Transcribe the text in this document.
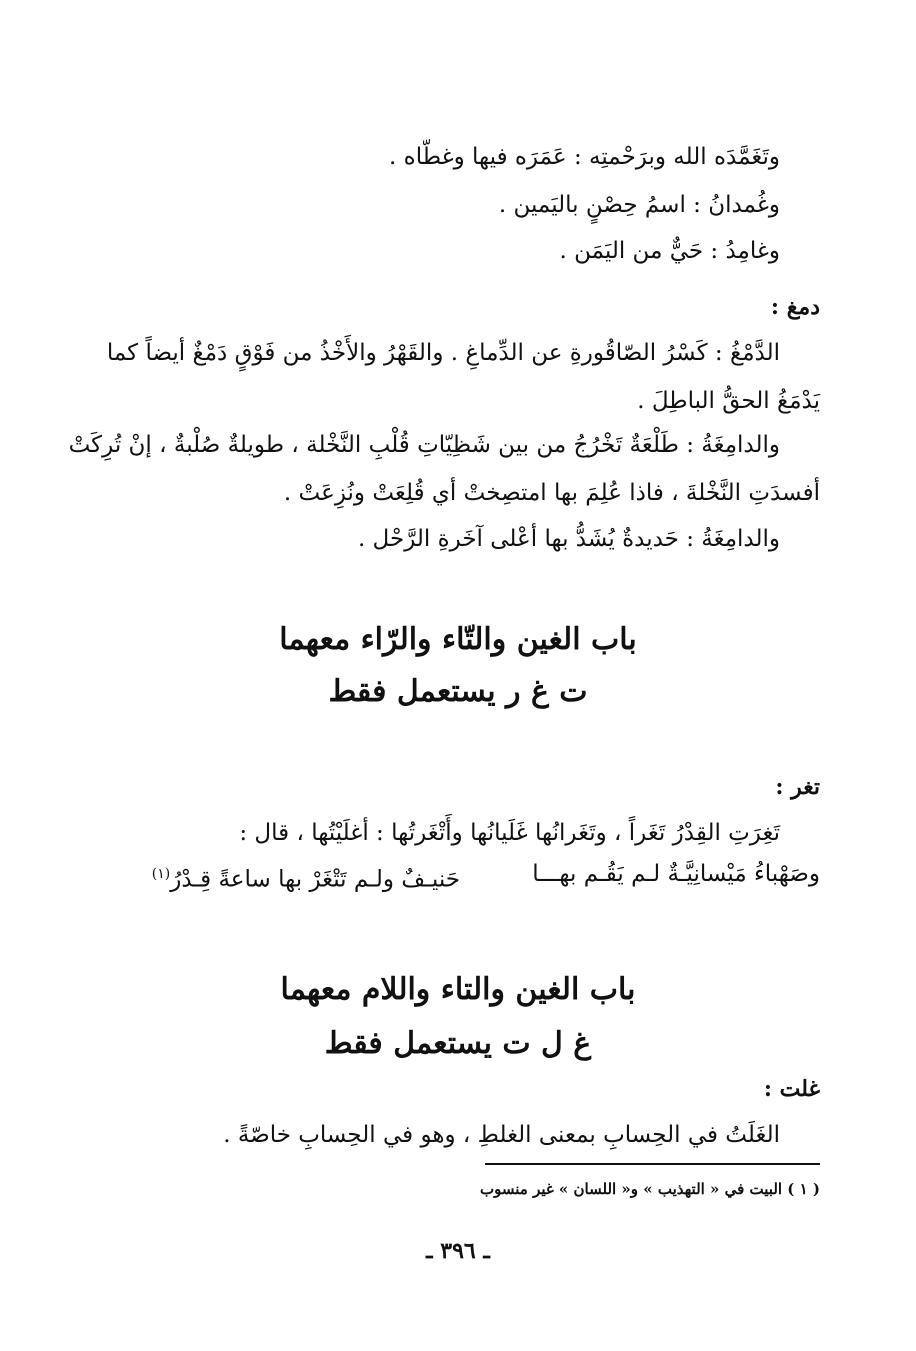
وتَغَمَّدَه الله وبرَحْمتِه : عَمَرَه فيها وغطّاه .
وغُمدانُ : اسمُ حِصْنٍ باليَمين .
وغامِدُ : حَيٌّ من اليَمَن .
دمغ :
الدَّمْغُ : كَسْرُ الصّاقُورةِ عن الدِّماغِ . والقَهْرُ والأَخْذُ من فَوْقٍ دَمْغٌ أيضاً كما
يَدْمَغُ الحقُّ الباطِلَ .
والدامِغَةُ : طَلْعَةٌ تَخْرُجُ من بين شَظِيّاتِ قُلْبِ النَّخْلة ، طويلةٌ صُلْبةٌ ، إنْ تُرِكَتْ
أفسدَتِ النَّخْلةَ ، فاذا عُلِمَ بها امتصِختْ أي قُلِعَتْ ونُزِعَتْ .
والدامِغَةُ : حَديدةٌ يُشَدُّ بها أعْلى آخَرةِ الرَّحْل .
باب الغين والتّاء والرّاء معهما
ت غ ر يستعمل فقط
تغر :
تَغِرَتِ القِدْرُ تَغَراً ، وتَغَرانُها غَلَيانُها وأَتْغَرتُها : أغلَيْتُها ، قال :
وصَهْباءُ مَيْسانِيَّـةٌ لـم يَقُـم بهـــا
حَنيـفٌ ولـم تَتْغَرْ بها ساعةً قِـدْرُ$^{(١)}$
باب الغين والتاء واللام معهما
غ ل ت يستعمل فقط
غلت :
الغَلَتُ في الحِسابِ بمعنى الغلطِ ، وهو في الحِسابِ خاصّةً .
( ١ ) البيت في « التهذيب » و« اللسان » غير منسوب
ـ ٣٩٦ ـ
